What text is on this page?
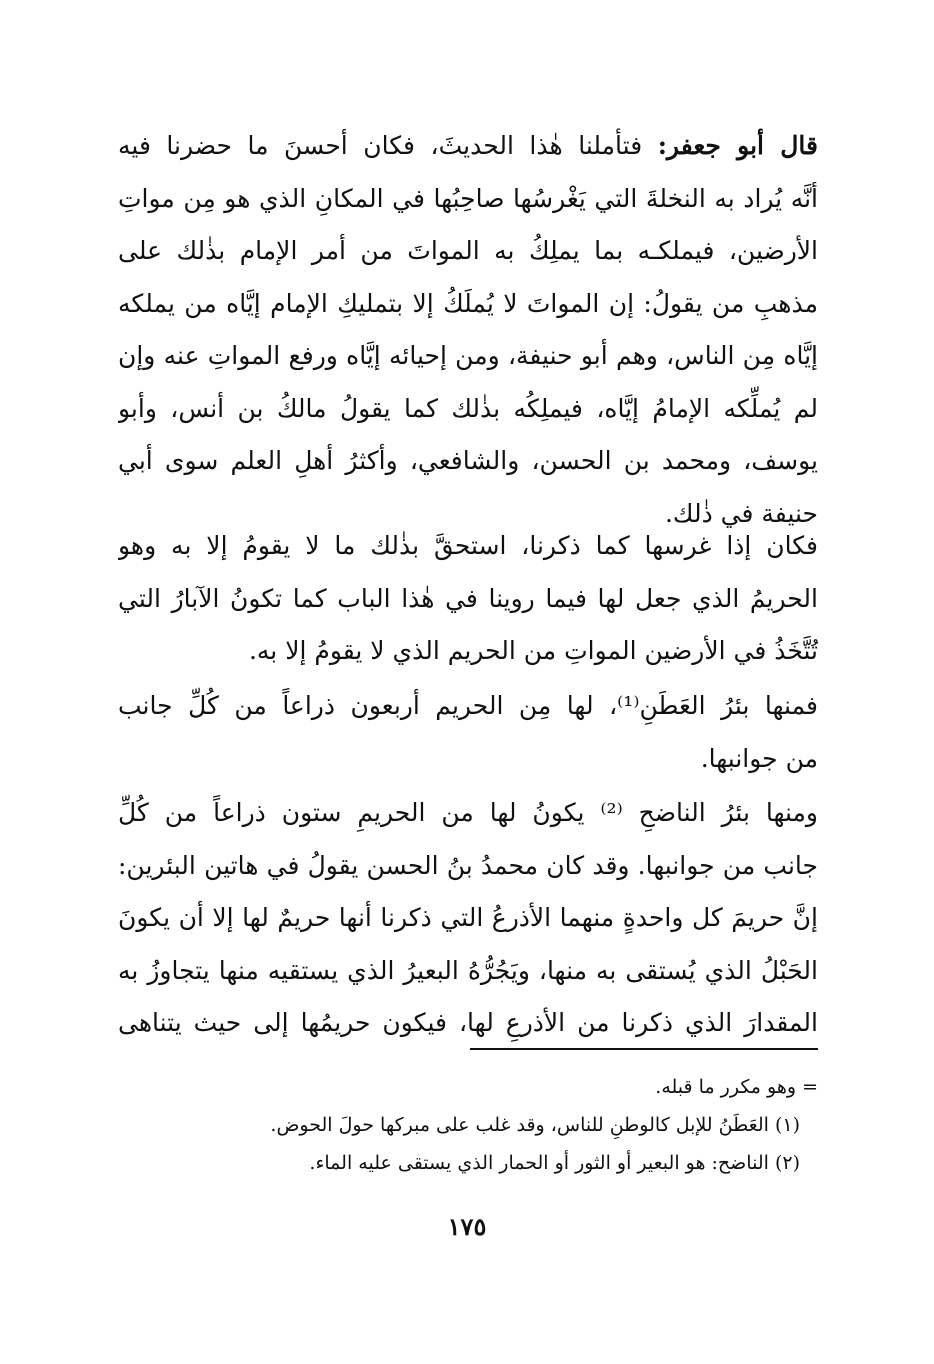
قال أبو جعفر: فتأملنا هٰذا الحديثَ، فكان أحسنَ ما حضرنا فيه
أنَّه يُراد به النخلةَ التي يَغْرسُها صاحِبُها في المكانِ الذي هو مِن مواتِ
الأرضين، فيملكـه بما يملِكُ به المواتَ من أمر الإمام بذٰلك على
مذهبِ من يقولُ: إن المواتَ لا يُملَكُ إلا بتمليكِ الإمام إيَّاه من يملكه
إيَّاه مِن الناس، وهم أبو حنيفة، ومن إحيائه إيَّاه ورفع المواتِ عنه وإن
لم يُملِّكه الإمامُ إيَّاه، فيملِكُه بذٰلك كما يقولُ مالكُ بن أنس، وأبو
يوسف، ومحمد بن الحسن، والشافعي، وأكثرُ أهلِ العلم سوى أبي
حنيفة في ذٰلك.
فكان إذا غرسها كما ذكرنا، استحقَّ بذٰلك ما لا يقومُ إلا به وهو
الحريمُ الذي جعل لها فيما روينا في هٰذا الباب كما تكونُ الآبارُ التي
تُتَّخَذُ في الأرضين المواتِ من الحريم الذي لا يقومُ إلا به.
فمنها بئرُ العَطَنِ⁽¹⁾، لها مِن الحريم أربعون ذراعاً من كُلِّ جانب
من جوانبها.
ومنها بئرُ الناضحِ ⁽²⁾ يكونُ لها من الحريمِ ستون ذراعاً من كُلِّ
جانب من جوانبها. وقد كان محمدُ بنُ الحسن يقولُ في هاتين البئرين:
إنَّ حريمَ كل واحدةٍ منهما الأذرعُ التي ذكرنا أنها حريمٌ لها إلا أن يكونَ
الحَبْلُ الذي يُستقى به منها، ويَجُرُّهُ البعيرُ الذي يستقيه منها يتجاوزُ به
المقدارَ الذي ذكرنا من الأذرعِ لها، فيكون حريمُها إلى حيث يتناهى
= وهو مكرر ما قبله.
(١) العَطَنُ للإبل كالوطنِ للناس، وقد غلب على مبركها حولَ الحوض.
(٢) الناضح: هو البعير أو الثور أو الحمار الذي يستقى عليه الماء.
١٧٥
